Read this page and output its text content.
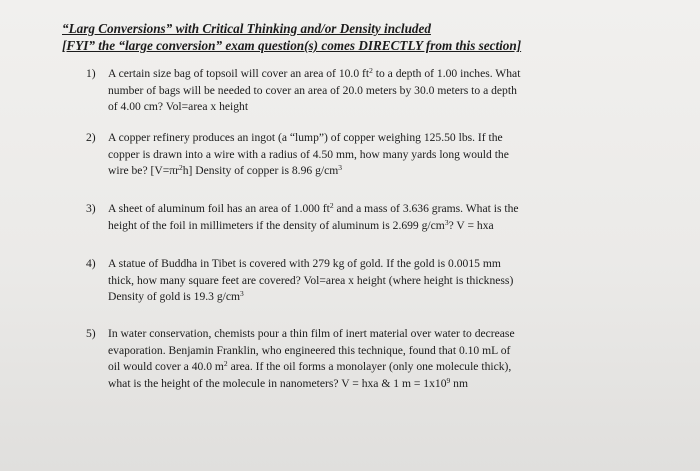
“Larg Conversions” with Critical Thinking and/or Density included
[FYI” the “large conversion” exam question(s) comes DIRECTLY from this section]
1)	A certain size bag of topsoil will cover an area of 10.0 $ft^2$ to a depth of 1.00 inches. What
number of bags will be needed to cover an area of 20.0 meters by 30.0 meters to a depth
of 4.00 cm? Vol=area x height
2)	A copper refinery produces an ingot (a “lump”) of copper weighing 125.50 lbs. If the
copper is drawn into a wire with a radius of 4.50 mm, how many yards long would the
wire be? $[V=\pi r^2h]$ Density of copper is 8.96 $g/cm^3$
3)	A sheet of aluminum foil has an area of 1.000 $ft^2$ and a mass of 3.636 grams. What is the
height of the foil in millimeters if the density of aluminum is 2.699 $g/cm^3$? V = hxa
4)	A statue of Buddha in Tibet is covered with 279 kg of gold. If the gold is 0.0015 mm
thick, how many square feet are covered? Vol=area x height (where height is thickness)
Density of gold is 19.3 $g/cm^3$
5)	In water conservation, chemists pour a thin film of inert material over water to decrease
evaporation. Benjamin Franklin, who engineered this technique, found that 0.10 mL of
oil would cover a 40.0 $m^2$ area. If the oil forms a monolayer (only one molecule thick),
what is the height of the molecule in nanometers? V = hxa & 1 $m = 1x10^9$ nm
